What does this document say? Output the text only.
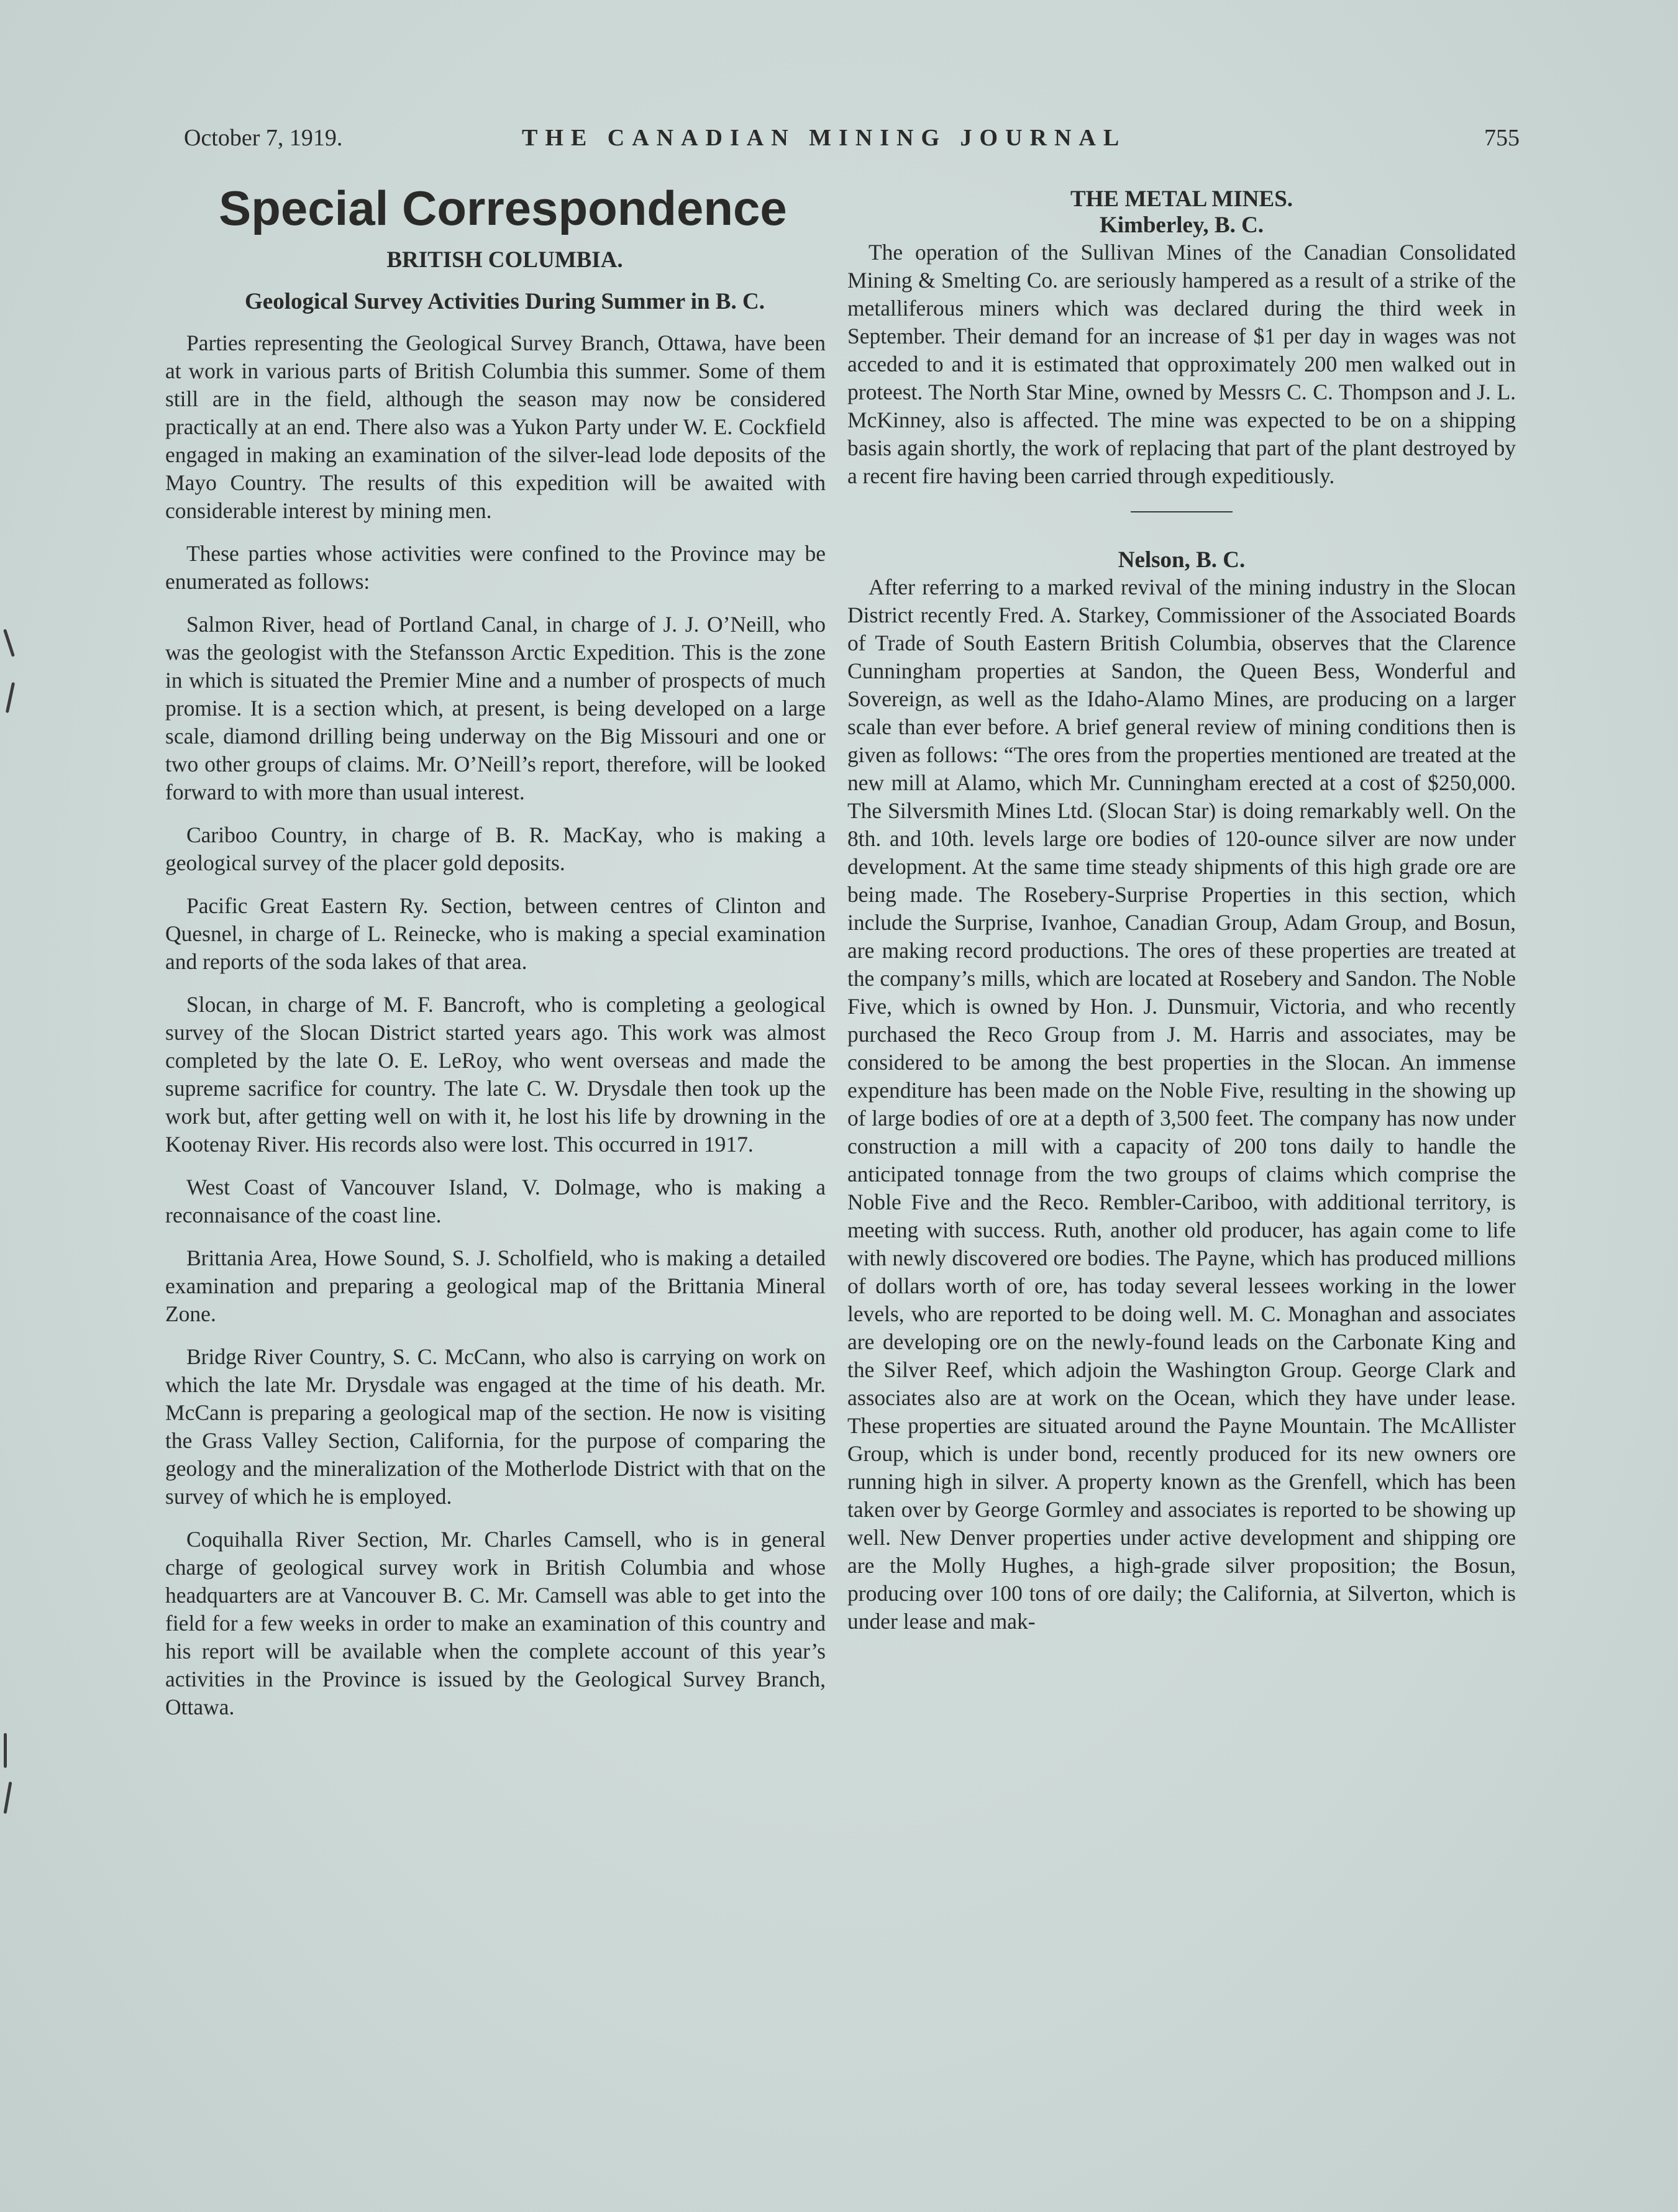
October 7, 1919.	THE CANADIAN MINING JOURNAL	755
Special Correspondence
BRITISH COLUMBIA.
Geological Survey Activities During Summer in B. C.

Parties representing the Geological Survey Branch, Ottawa, have been at work in various parts of British Columbia this summer. Some of them still are in the field, although the season may now be considered practically at an end. There also was a Yukon Party under W. E. Cockfield engaged in making an examination of the silver-lead lode deposits of the Mayo Country. The results of this expedition will be awaited with considerable interest by mining men.

These parties whose activities were confined to the Province may be enumerated as follows:

Salmon River, head of Portland Canal, in charge of J. J. O’Neill, who was the geologist with the Stefansson Arctic Expedition. This is the zone in which is situated the Premier Mine and a number of prospects of much promise. It is a section which, at present, is being developed on a large scale, diamond drilling being underway on the Big Missouri and one or two other groups of claims. Mr. O’Neill’s report, therefore, will be looked forward to with more than usual interest.

Cariboo Country, in charge of B. R. MacKay, who is making a geological survey of the placer gold deposits.

Pacific Great Eastern Ry. Section, between centres of Clinton and Quesnel, in charge of L. Reinecke, who is making a special examination and reports of the soda lakes of that area.

Slocan, in charge of M. F. Bancroft, who is completing a geological survey of the Slocan District started years ago. This work was almost completed by the late O. E. LeRoy, who went overseas and made the supreme sacrifice for country. The late C. W. Drysdale then took up the work but, after getting well on with it, he lost his life by drowning in the Kootenay River. His records also were lost. This occurred in 1917.

West Coast of Vancouver Island, V. Dolmage, who is making a reconnaisance of the coast line.

Brittania Area, Howe Sound, S. J. Scholfield, who is making a detailed examination and preparing a geological map of the Brittania Mineral Zone.

Bridge River Country, S. C. McCann, who also is carrying on work on which the late Mr. Drysdale was engaged at the time of his death. Mr. McCann is preparing a geological map of the section. He now is visiting the Grass Valley Section, California, for the purpose of comparing the geology and the mineralization of the Motherlode District with that on the survey of which he is employed.

Coquihalla River Section, Mr. Charles Camsell, who is in general charge of geological survey work in British Columbia and whose headquarters are at Vancouver B. C. Mr. Camsell was able to get into the field for a few weeks in order to make an examination of this country and his report will be available when the complete account of this year’s activities in the Province is issued by the Geological Survey Branch, Ottawa.

THE METAL MINES.
Kimberley, B. C.

The operation of the Sullivan Mines of the Canadian Consolidated Mining & Smelting Co. are seriously hampered as a result of a strike of the metalliferous miners which was declared during the third week in September. Their demand for an increase of $1 per day in wages was not acceded to and it is estimated that opproximately 200 men walked out in proteest. The North Star Mine, owned by Messrs C. C. Thompson and J. L. McKinney, also is affected. The mine was expected to be on a shipping basis again shortly, the work of replacing that part of the plant destroyed by a recent fire having been carried through expeditiously.

Nelson, B. C.

After referring to a marked revival of the mining industry in the Slocan District recently Fred. A. Starkey, Commissioner of the Associated Boards of Trade of South Eastern British Columbia, observes that the Clarence Cunningham properties at Sandon, the Queen Bess, Wonderful and Sovereign, as well as the Idaho-Alamo Mines, are producing on a larger scale than ever before. A brief general review of mining conditions then is given as follows: “The ores from the properties mentioned are treated at the new mill at Alamo, which Mr. Cunningham erected at a cost of $250,000. The Silversmith Mines Ltd. (Slocan Star) is doing remarkably well. On the 8th. and 10th. levels large ore bodies of 120-ounce silver are now under development. At the same time steady shipments of this high grade ore are being made. The Rosebery-Surprise Properties in this section, which include the Surprise, Ivanhoe, Canadian Group, Adam Group, and Bosun, are making record productions. The ores of these properties are treated at the company’s mills, which are located at Rosebery and Sandon. The Noble Five, which is owned by Hon. J. Dunsmuir, Victoria, and who recently purchased the Reco Group from J. M. Harris and associates, may be considered to be among the best properties in the Slocan. An immense expenditure has been made on the Noble Five, resulting in the showing up of large bodies of ore at a depth of 3,500 feet. The company has now under construction a mill with a capacity of 200 tons daily to handle the anticipated tonnage from the two groups of claims which comprise the Noble Five and the Reco. Rembler-Cariboo, with additional territory, is meeting with success. Ruth, another old producer, has again come to life with newly discovered ore bodies. The Payne, which has produced millions of dollars worth of ore, has today several lessees working in the lower levels, who are reported to be doing well. M. C. Monaghan and associates are developing ore on the newly-found leads on the Carbonate King and the Silver Reef, which adjoin the Washington Group. George Clark and associates also are at work on the Ocean, which they have under lease. These properties are situated around the Payne Mountain. The McAllister Group, which is under bond, recently produced for its new owners ore running high in silver. A property known as the Grenfell, which has been taken over by George Gormley and associates is reported to be showing up well. New Denver properties under active development and shipping ore are the Molly Hughes, a high-grade silver proposition; the Bosun, producing over 100 tons of ore daily; the California, at Silverton, which is under lease and mak-
